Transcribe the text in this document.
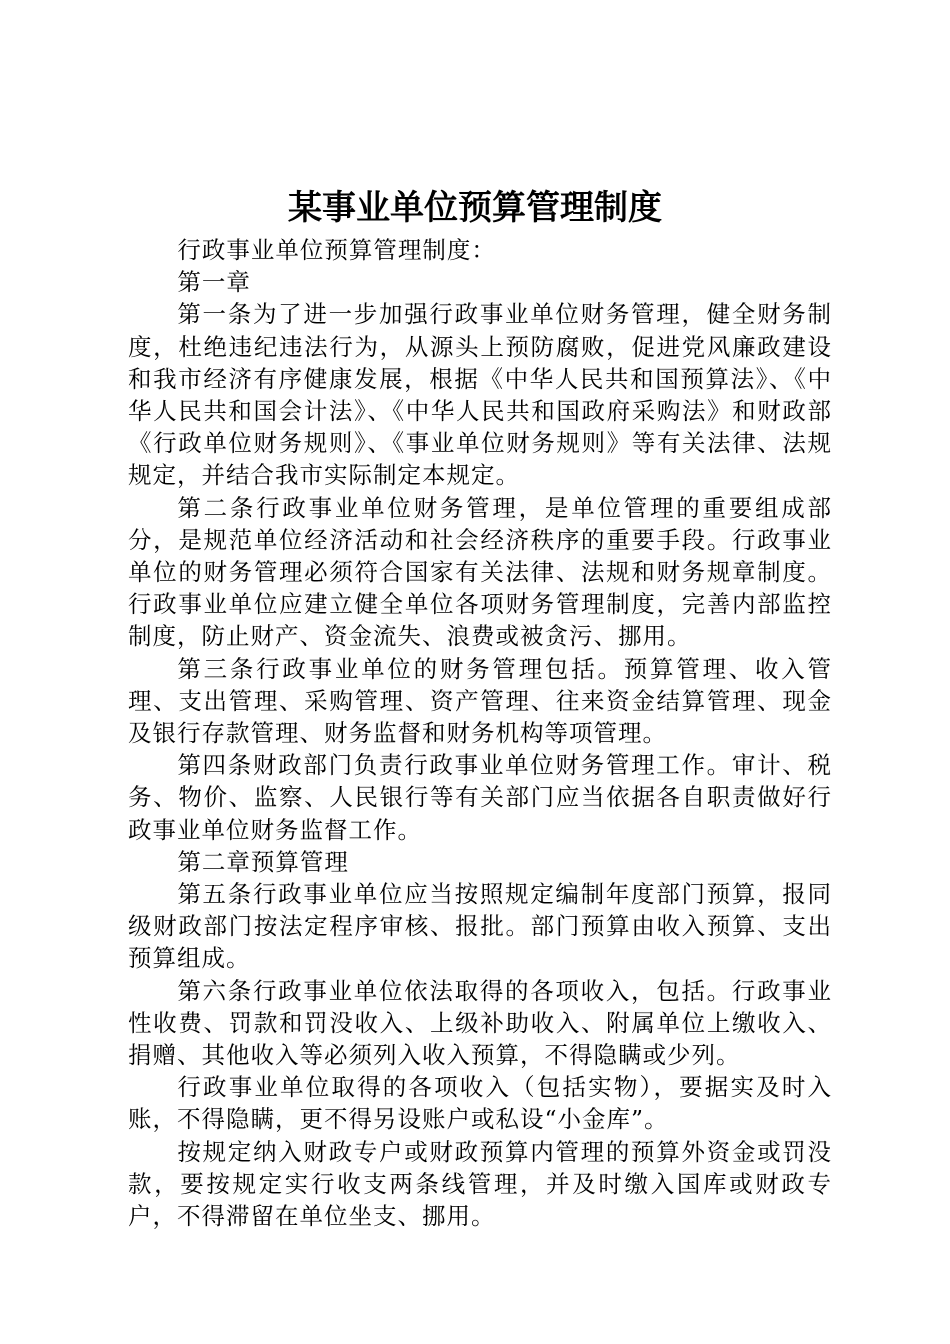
某事业单位预算管理制度

行政事业单位预算管理制度：

第一章

第一条为了进一步加强行政事业单位财务管理，健全财务制度，杜绝违纪违法行为，从源头上预防腐败，促进党风廉政建设和我市经济有序健康发展，根据《中华人民共和国预算法》、《中华人民共和国会计法》、《中华人民共和国政府采购法》和财政部《行政单位财务规则》、《事业单位财务规则》等有关法律、法规规定，并结合我市实际制定本规定。

第二条行政事业单位财务管理，是单位管理的重要组成部分，是规范单位经济活动和社会经济秩序的重要手段。行政事业单位的财务管理必须符合国家有关法律、法规和财务规章制度。行政事业单位应建立健全单位各项财务管理制度，完善内部监控制度，防止财产、资金流失、浪费或被贪污、挪用。

第三条行政事业单位的财务管理包括。预算管理、收入管理、支出管理、采购管理、资产管理、往来资金结算管理、现金及银行存款管理、财务监督和财务机构等项管理。

第四条财政部门负责行政事业单位财务管理工作。审计、税务、物价、监察、人民银行等有关部门应当依据各自职责做好行政事业单位财务监督工作。

第二章预算管理

第五条行政事业单位应当按照规定编制年度部门预算，报同级财政部门按法定程序审核、报批。部门预算由收入预算、支出预算组成。

第六条行政事业单位依法取得的各项收入，包括。行政事业性收费、罚款和罚没收入、上级补助收入、附属单位上缴收入、捐赠、其他收入等必须列入收入预算，不得隐瞒或少列。

行政事业单位取得的各项收入（包括实物），要据实及时入账，不得隐瞒，更不得另设账户或私设“小金库”。

按规定纳入财政专户或财政预算内管理的预算外资金或罚没款，要按规定实行收支两条线管理，并及时缴入国库或财政专户，不得滞留在单位坐支、挪用。
